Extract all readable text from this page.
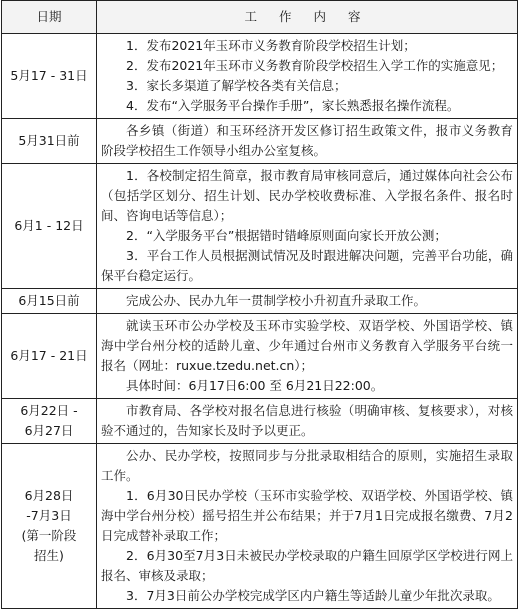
日期	工 作 内 容

5月17 - 31日	1．发布2021年玉环市义务教育阶段学校招生计划；
2．发布2021年玉环市义务教育阶段学校招生入学工作的实施意见；
3．家长多渠道了解学校各类有关信息；
4．发布“入学服务平台操作手册”，家长熟悉报名操作流程。

5月31日前	各乡镇（街道）和玉环经济开发区修订招生政策文件，报市义务教育阶段学校招生工作领导小组办公室复核。

6月1 - 12日	1．各校制定招生简章，报市教育局审核同意后，通过媒体向社会公布（包括学区划分、招生计划、民办学校收费标准、入学报名条件、报名时间、咨询电话等信息）；
2．“入学服务平台”根据错时错峰原则面向家长开放公测；
3．平台工作人员根据测试情况及时跟进解决问题，完善平台功能，确保平台稳定运行。

6月15日前	完成公办、民办九年一贯制学校小升初直升录取工作。

6月17 - 21日	就读玉环市公办学校及玉环市实验学校、双语学校、外国语学校、镇海中学台州分校的适龄儿童、少年通过台州市义务教育入学服务平台统一报名（网址：ruxue.tzedu.net.cn）；
具体时间：6月17日6:00 至 6月21日22:00。

6月22日 -
6月27日	市教育局、各学校对报名信息进行核验（明确审核、复核要求），对核验不通过的，告知家长及时予以更正。

6月28日
-7月3日
(第一阶段
招生)	公办、民办学校，按照同步与分批录取相结合的原则，实施招生录取工作。
1．6月30日民办学校（玉环市实验学校、双语学校、外国语学校、镇海中学台州分校）摇号招生并公布结果；并于7月1日完成报名缴费、7月2日完成替补录取工作；
2．6月30至7月3日未被民办学校录取的户籍生回原学区学校进行网上报名、审核及录取；
3．7月3日前公办学校完成学区内户籍生等适龄儿童少年批次录取。
